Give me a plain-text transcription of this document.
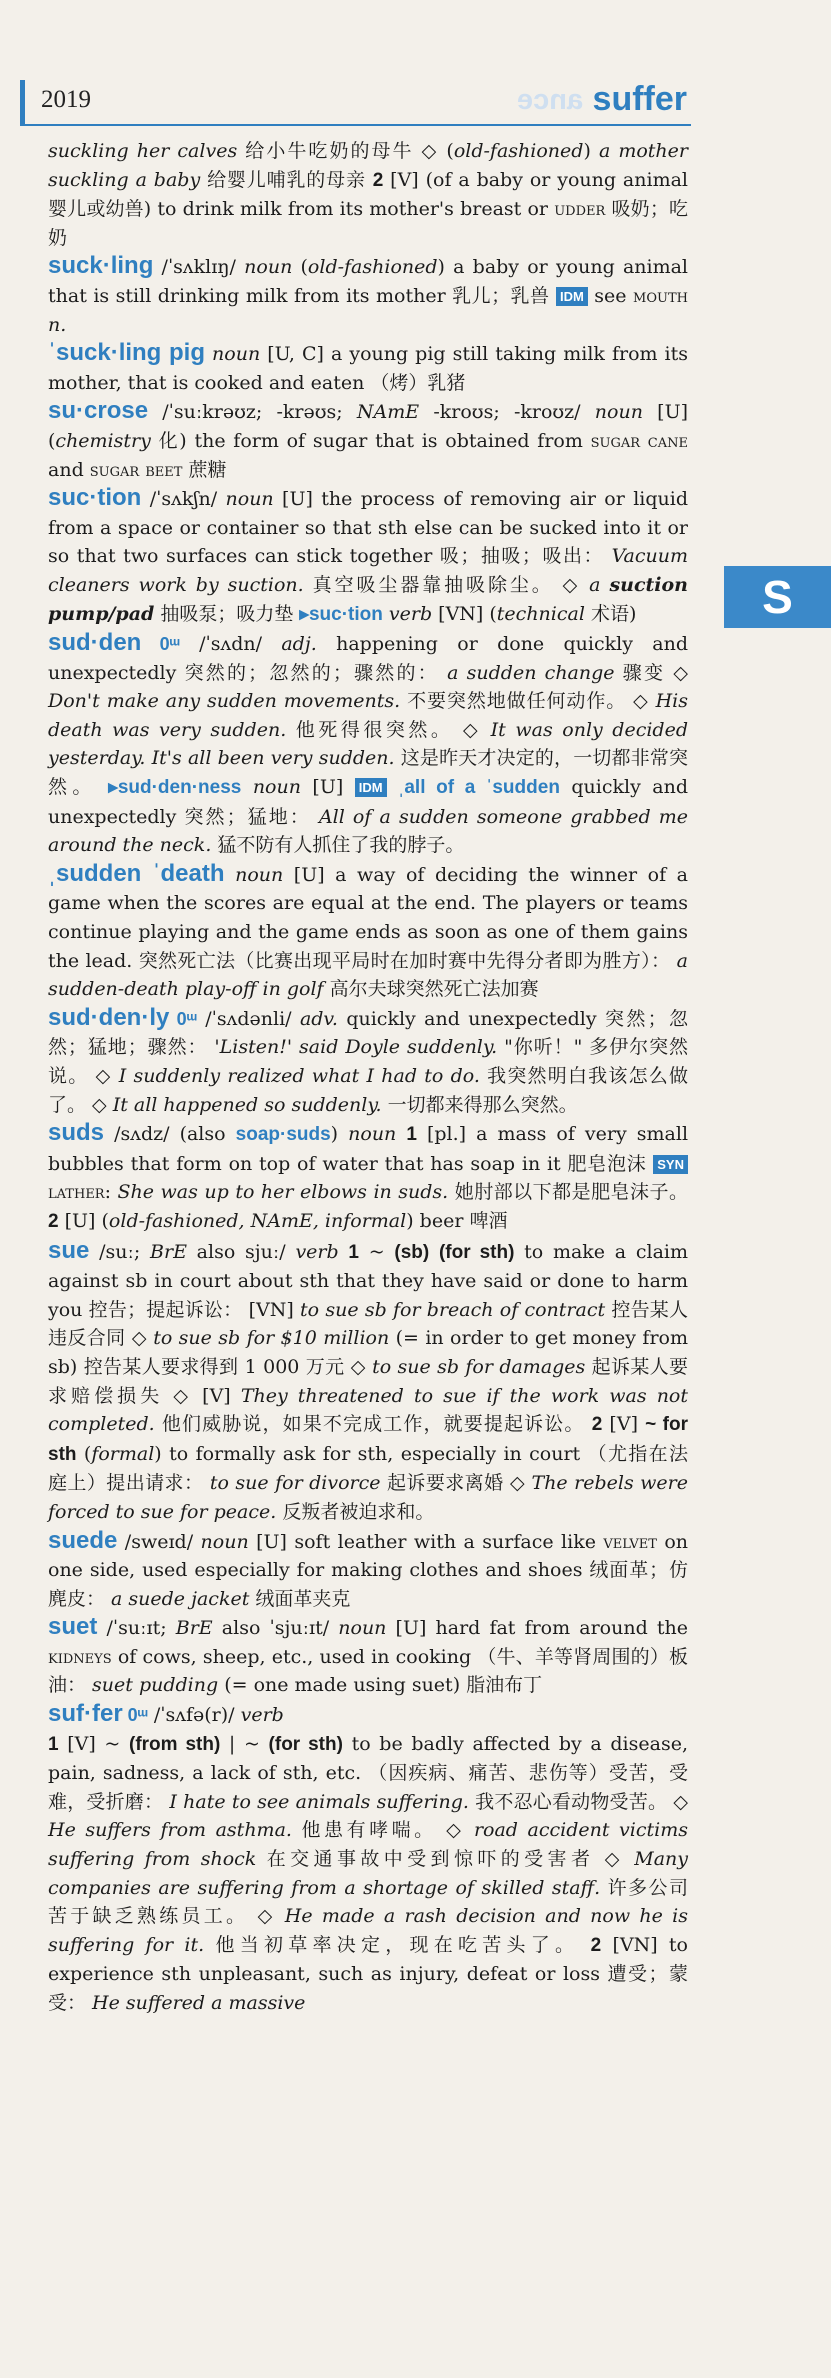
2019	ance suffer
S

suckling her calves 给小牛吃奶的母牛 ◇ (old-fashioned) a mother suckling a baby 给婴儿哺乳的母亲 2 [V] (of a baby or young animal 婴儿或幼兽) to drink milk from its mother's breast or udder 吸奶；吃奶

suck·ling /ˈsʌklɪŋ/ noun (old-fashioned) a baby or young animal that is still drinking milk from its mother 乳儿；乳兽 IDM see mouth n.

ˈsuck·ling pig noun [U, C] a young pig still taking milk from its mother, that is cooked and eaten （烤）乳猪

su·crose /ˈsuːkrəʊz; -krəʊs; NAmE -kroʊs; -kroʊz/ noun [U] (chemistry 化) the form of sugar that is obtained from sugar cane and sugar beet 蔗糖

suc·tion /ˈsʌkʃn/ noun [U] the process of removing air or liquid from a space or container so that sth else can be sucked into it or so that two surfaces can stick together 吸；抽吸；吸出： Vacuum cleaners work by suction. 真空吸尘器靠抽吸除尘。 ◇ a suction pump/pad 抽吸泵；吸力垫 ▸suc·tion verb [VN] (technical 术语)

sud·den 0ᵚ /ˈsʌdn/ adj. happening or done quickly and unexpectedly 突然的；忽然的；骤然的： a sudden change 骤变 ◇ Don't make any sudden movements. 不要突然地做任何动作。 ◇ His death was very sudden. 他死得很突然。 ◇ It was only decided yesterday. It's all been very sudden. 这是昨天才决定的，一切都非常突然。 ▸sud·den·ness noun [U] IDM ˌall of a ˈsudden quickly and unexpectedly 突然；猛地： All of a sudden someone grabbed me around the neck. 猛不防有人抓住了我的脖子。

ˌsudden ˈdeath noun [U] a way of deciding the winner of a game when the scores are equal at the end. The players or teams continue playing and the game ends as soon as one of them gains the lead. 突然死亡法（比赛出现平局时在加时赛中先得分者即为胜方）： a sudden-death play-off in golf 高尔夫球突然死亡法加赛

sud·den·ly 0ᵚ /ˈsʌdənli/ adv. quickly and unexpectedly 突然；忽然；猛地；骤然： 'Listen!' said Doyle suddenly. "你听！" 多伊尔突然说。 ◇ I suddenly realized what I had to do. 我突然明白我该怎么做了。 ◇ It all happened so suddenly. 一切都来得那么突然。

suds /sʌdz/ (also soap·suds) noun 1 [pl.] a mass of very small bubbles that form on top of water that has soap in it 肥皂泡沫 SYN lather: She was up to her elbows in suds. 她肘部以下都是肥皂沫子。 2 [U] (old-fashioned, NAmE, informal) beer 啤酒

sue /suː; BrE also sjuː/ verb 1 ~ (sb) (for sth) to make a claim against sb in court about sth that they have said or done to harm you 控告；提起诉讼： [VN] to sue sb for breach of contract 控告某人违反合同 ◇ to sue sb for $10 million (= in order to get money from sb) 控告某人要求得到 1 000 万元 ◇ to sue sb for damages 起诉某人要求赔偿损失 ◇ [V] They threatened to sue if the work was not completed. 他们威胁说，如果不完成工作，就要提起诉讼。 2 [V] ~ for sth (formal) to formally ask for sth, especially in court （尤指在法庭上）提出请求： to sue for divorce 起诉要求离婚 ◇ The rebels were forced to sue for peace. 反叛者被迫求和。

suede /sweɪd/ noun [U] soft leather with a surface like velvet on one side, used especially for making clothes and shoes 绒面革；仿麂皮： a suede jacket 绒面革夹克

suet /ˈsuːɪt; BrE also ˈsjuːɪt/ noun [U] hard fat from around the kidneys of cows, sheep, etc., used in cooking （牛、羊等肾周围的）板油： suet pudding (= one made using suet) 脂油布丁

suf·fer 0ᵚ /ˈsʌfə(r)/ verb
1 [V] ~ (from sth) | ~ (for sth) to be badly affected by a disease, pain, sadness, a lack of sth, etc. （因疾病、痛苦、悲伤等）受苦，受难，受折磨： I hate to see animals suffering. 我不忍心看动物受苦。 ◇ He suffers from asthma. 他患有哮喘。 ◇ road accident victims suffering from shock 在交通事故中受到惊吓的受害者 ◇ Many companies are suffering from a shortage of skilled staff. 许多公司苦于缺乏熟练员工。 ◇ He made a rash decision and now he is suffering for it. 他当初草率决定，现在吃苦头了。 2 [VN] to experience sth unpleasant, such as injury, defeat or loss 遭受；蒙受： He suffered a massive
